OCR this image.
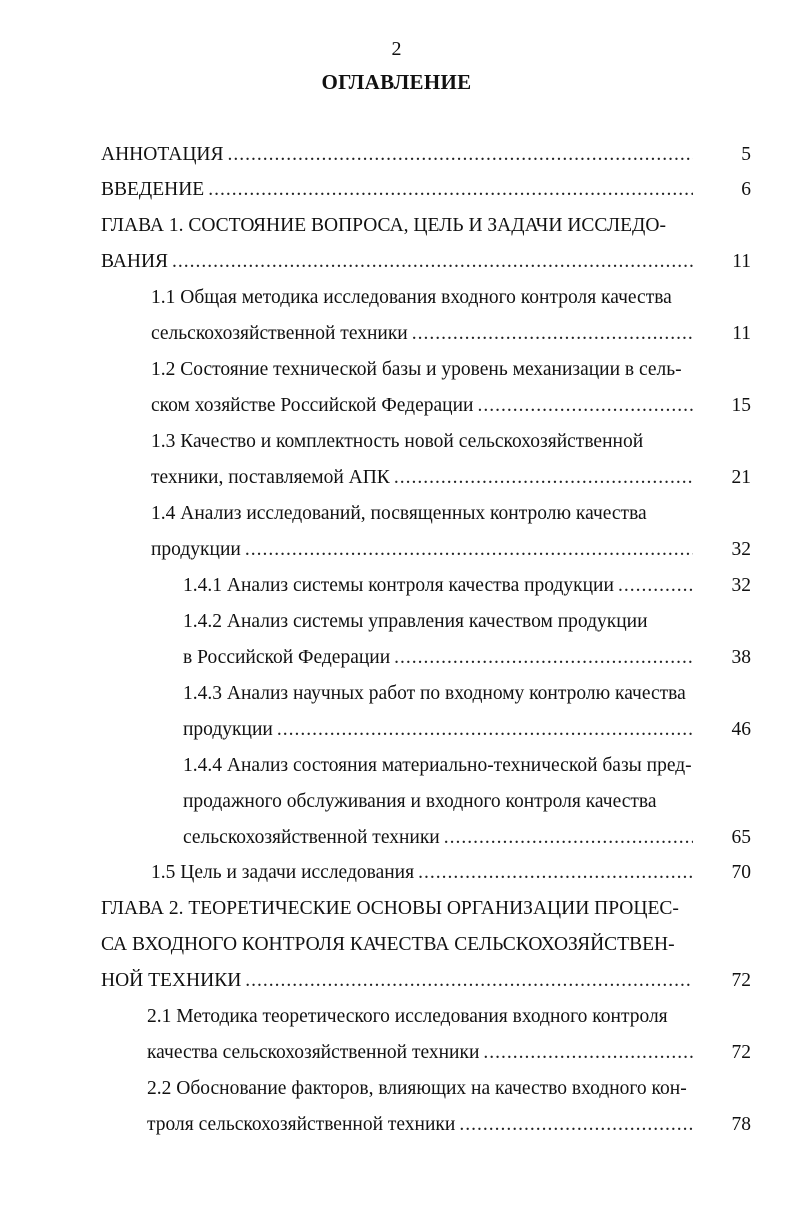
2
ОГЛАВЛЕНИЕ
АННОТАЦИЯ .....	5
ВВЕДЕНИЕ .....	6
ГЛАВА 1. СОСТОЯНИЕ ВОПРОСА, ЦЕЛЬ И ЗАДАЧИ ИССЛЕДО-
ВАНИЯ .....	11
1.1 Общая методика исследования входного контроля качества
сельскохозяйственной техники .....	11
1.2 Состояние технической базы и уровень механизации в сель-
ском хозяйстве Российской Федерации .....	15
1.3 Качество и комплектность новой сельскохозяйственной
техники, поставляемой АПК .....	21
1.4 Анализ исследований, посвященных контролю качества
продукции .....	32
1.4.1 Анализ системы контроля качества продукции .....	32
1.4.2 Анализ системы управления качеством продукции
в Российской Федерации .....	38
1.4.3 Анализ научных работ по входному контролю качества
продукции .....	46
1.4.4 Анализ состояния материально-технической базы пред-
продажного обслуживания и входного контроля качества
сельскохозяйственной техники .....	65
1.5 Цель и задачи исследования .....	70
ГЛАВА 2. ТЕОРЕТИЧЕСКИЕ ОСНОВЫ ОРГАНИЗАЦИИ ПРОЦЕС-
СА ВХОДНОГО КОНТРОЛЯ КАЧЕСТВА СЕЛЬСКОХОЗЯЙСТВЕН-
НОЙ ТЕХНИКИ .....	72
2.1 Методика теоретического исследования входного контроля
качества сельскохозяйственной техники .....	72
2.2 Обоснование факторов, влияющих на качество входного кон-
троля сельскохозяйственной техники .....	78
